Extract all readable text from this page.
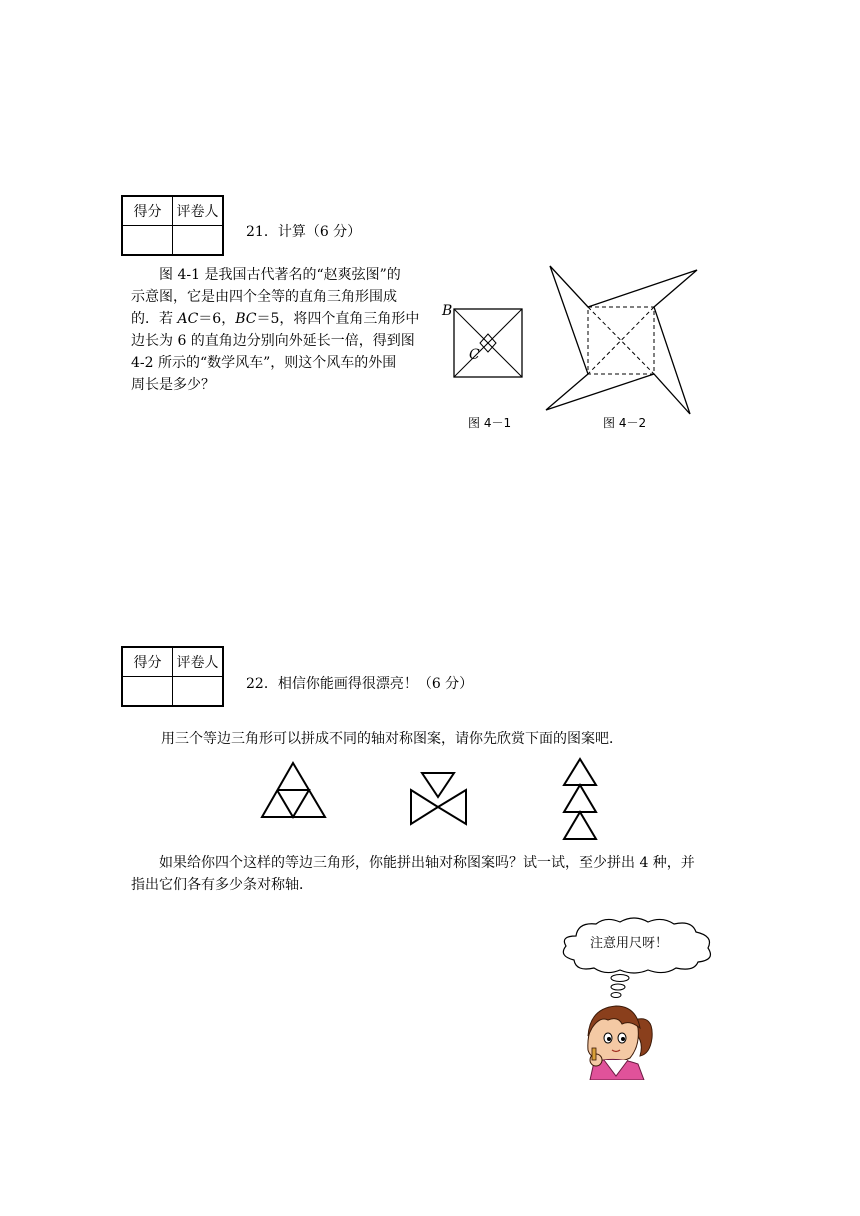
得分	评卷人

21．计算（6 分）
图 4-1 是我国古代著名的“赵爽弦图”的
示意图，它是由四个全等的直角三角形围成
的．若 AC＝6，BC＝5，将四个直角三角形中
边长为 6 的直角边分别向外延长一倍，得到图
4-2 所示的“数学风车”，则这个风车的外围
周长是多少？
B
C
图 4－1	图 4－2
得分	评卷人

22．相信你能画得很漂亮！（6 分）
用三个等边三角形可以拼成不同的轴对称图案，请你先欣赏下面的图案吧．
如果给你四个这样的等边三角形，你能拼出轴对称图案吗？试一试，至少拼出 4 种，并
指出它们各有多少条对称轴．
注意用尺呀！
